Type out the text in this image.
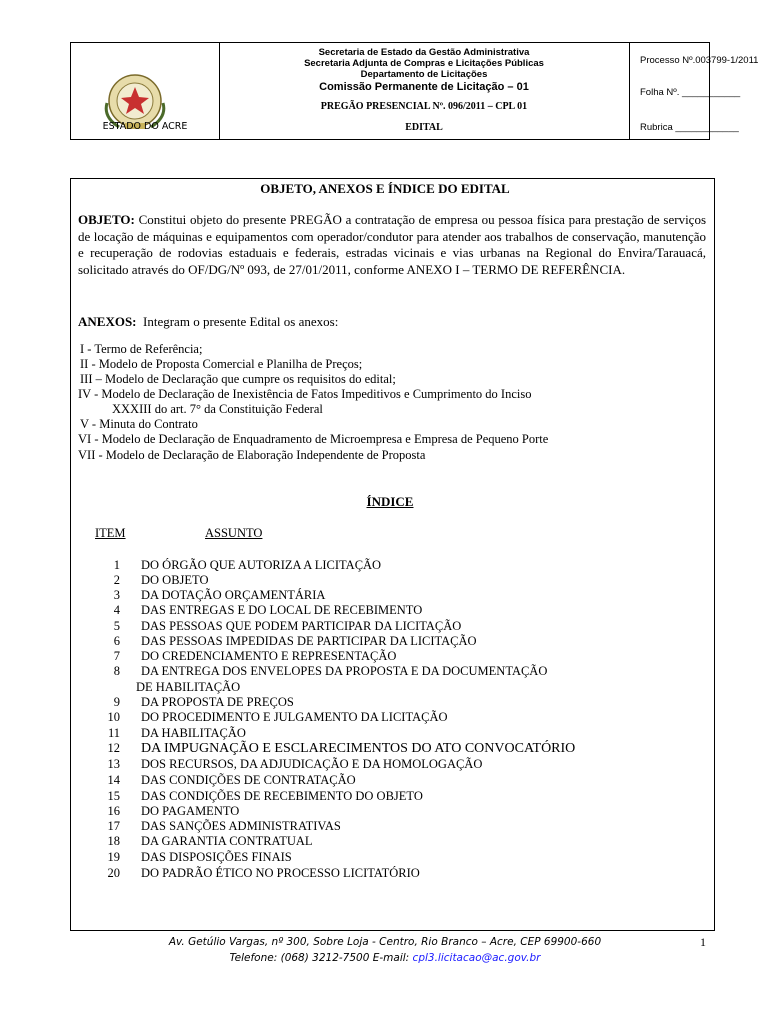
ESTADO DO ACRE
Secretaria de Estado da Gestão Administrativa
Secretaria Adjunta de Compras e Licitações Públicas
Departamento de Licitações
Comissão Permanente de Licitação – 01
PREGÃO PRESENCIAL Nº. 096/2011 – CPL 01
EDITAL
Processo Nº.003799-1/2011
Folha Nº. ___________
Rubrica ____________
OBJETO, ANEXOS E ÍNDICE DO EDITAL
OBJETO: Constitui objeto do presente PREGÃO a contratação de empresa ou pessoa física para prestação de serviços de locação de máquinas e equipamentos com operador/condutor para atender aos trabalhos de conservação, manutenção e recuperação de rodovias estaduais e federais, estradas vicinais e vias urbanas na Regional do Envira/Tarauacá, solicitado através do OF/DG/Nº 093, de 27/01/2011, conforme ANEXO I – TERMO DE REFERÊNCIA.
ANEXOS: Integram o presente Edital os anexos:
I - Termo de Referência;
II - Modelo de Proposta Comercial e Planilha de Preços;
III – Modelo de Declaração que cumpre os requisitos do edital;
IV - Modelo de Declaração de Inexistência de Fatos Impeditivos e Cumprimento do Inciso
XXXIII do art. 7° da Constituição Federal
V - Minuta do Contrato
VI - Modelo de Declaração de Enquadramento de Microempresa e Empresa de Pequeno Porte
VII - Modelo de Declaração de Elaboração Independente de Proposta
ÍNDICE
ITEM	ASSUNTO
1 DO ÓRGÃO QUE AUTORIZA A LICITAÇÃO
2 DO OBJETO
3 DA DOTAÇÃO ORÇAMENTÁRIA
4 DAS ENTREGAS E DO LOCAL DE RECEBIMENTO
5 DAS PESSOAS QUE PODEM PARTICIPAR DA LICITAÇÃO
6 DAS PESSOAS IMPEDIDAS DE PARTICIPAR DA LICITAÇÃO
7 DO CREDENCIAMENTO E REPRESENTAÇÃO
8 DA ENTREGA DOS ENVELOPES DA PROPOSTA E DA DOCUMENTAÇÃO
DE HABILITAÇÃO
9 DA PROPOSTA DE PREÇOS
10 DO PROCEDIMENTO E JULGAMENTO DA LICITAÇÃO
11 DA HABILITAÇÃO
12 DA IMPUGNAÇÃO E ESCLARECIMENTOS DO ATO CONVOCATÓRIO
13 DOS RECURSOS, DA ADJUDICAÇÃO E DA HOMOLOGAÇÃO
14 DAS CONDIÇÕES DE CONTRATAÇÃO
15 DAS CONDIÇÕES DE RECEBIMENTO DO OBJETO
16 DO PAGAMENTO
17 DAS SANÇÕES ADMINISTRATIVAS
18 DA GARANTIA CONTRATUAL
19 DAS DISPOSIÇÕES FINAIS
20 DO PADRÃO ÉTICO NO PROCESSO LICITATÓRIO
Av. Getúlio Vargas, nº 300, Sobre Loja - Centro, Rio Branco – Acre, CEP 69900-660
Telefone: (068) 3212-7500 E-mail: cpl3.licitacao@ac.gov.br
1
